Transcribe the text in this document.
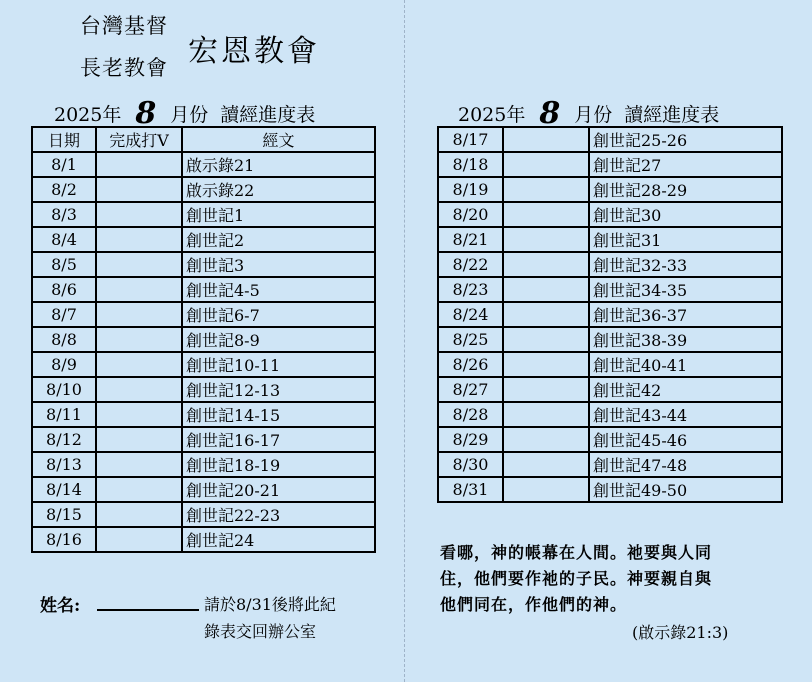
台灣基督
長老教會 宏恩教會
2025年 8 月份 讀經進度表	2025年 8 月份 讀經進度表
日期	完成打V	經文
8/1		啟示錄21
8/2		啟示錄22
8/3		創世記1
8/4		創世記2
8/5		創世記3
8/6		創世記4-5
8/7		創世記6-7
8/8		創世記8-9
8/9		創世記10-11
8/10		創世記12-13
8/11		創世記14-15
8/12		創世記16-17
8/13		創世記18-19
8/14		創世記20-21
8/15		創世記22-23
8/16		創世記24
8/17		創世記25-26
8/18		創世記27
8/19		創世記28-29
8/20		創世記30
8/21		創世記31
8/22		創世記32-33
8/23		創世記34-35
8/24		創世記36-37
8/25		創世記38-39
8/26		創世記40-41
8/27		創世記42
8/28		創世記43-44
8/29		創世記45-46
8/30		創世記47-48
8/31		創世記49-50
姓名:	請於8/31後將此紀
錄表交回辦公室
看哪，神的帳幕在人間。祂要與人同
住，他們要作祂的子民。神要親自與
他們同在，作他們的神。
(啟示錄21:3)
